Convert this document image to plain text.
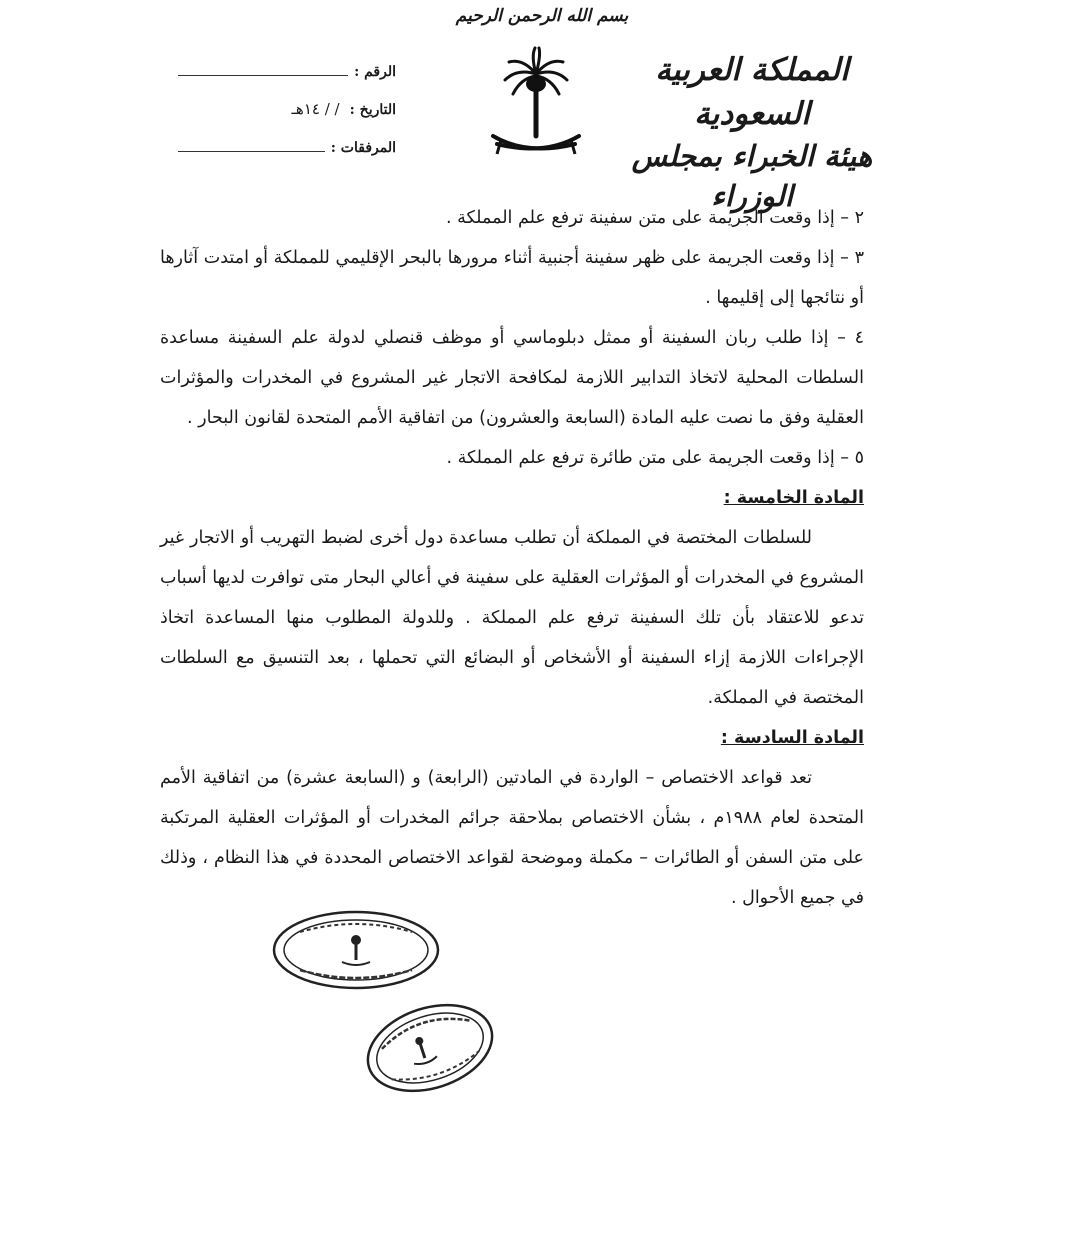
بسم الله الرحمن الرحيم
المملكة العربية السعودية
هيئة الخبراء بمجلس الوزراء
الرقم :
التاريخ :
/ / ١٤هـ
المرفقات :

٢ – إذا وقعت الجريمة على متن سفينة ترفع علم المملكة .

٣ – إذا وقعت الجريمة على ظهر سفينة أجنبية أثناء مرورها بالبحر الإقليمي للمملكة أو امتدت آثارها أو نتائجها إلى إقليمها .

٤ – إذا طلب ربان السفينة أو ممثل دبلوماسي أو موظف قنصلي لدولة علم السفينة مساعدة السلطات المحلية لاتخاذ التدابير اللازمة لمكافحة الاتجار غير المشروع في المخدرات والمؤثرات العقلية وفق ما نصت عليه المادة (السابعة والعشرون) من اتفاقية الأمم المتحدة لقانون البحار .

٥ – إذا وقعت الجريمة على متن طائرة ترفع علم المملكة .

المادة الخامسة :

للسلطات المختصة في المملكة أن تطلب مساعدة دول أخرى لضبط التهريب أو الاتجار غير المشروع في المخدرات أو المؤثرات العقلية على سفينة في أعالي البحار متى توافرت لديها أسباب تدعو للاعتقاد بأن تلك السفينة ترفع علم المملكة . وللدولة المطلوب منها المساعدة اتخاذ الإجراءات اللازمة إزاء السفينة أو الأشخاص أو البضائع التي تحملها ، بعد التنسيق مع السلطات المختصة في المملكة.

المادة السادسة :

تعد قواعد الاختصاص – الواردة في المادتين (الرابعة) و (السابعة عشرة) من اتفاقية الأمم المتحدة لعام ١٩٨٨م ، بشأن الاختصاص بملاحقة جرائم المخدرات أو المؤثرات العقلية المرتكبة على متن السفن أو الطائرات – مكملة وموضحة لقواعد الاختصاص المحددة في هذا النظام ، وذلك في جميع الأحوال .
